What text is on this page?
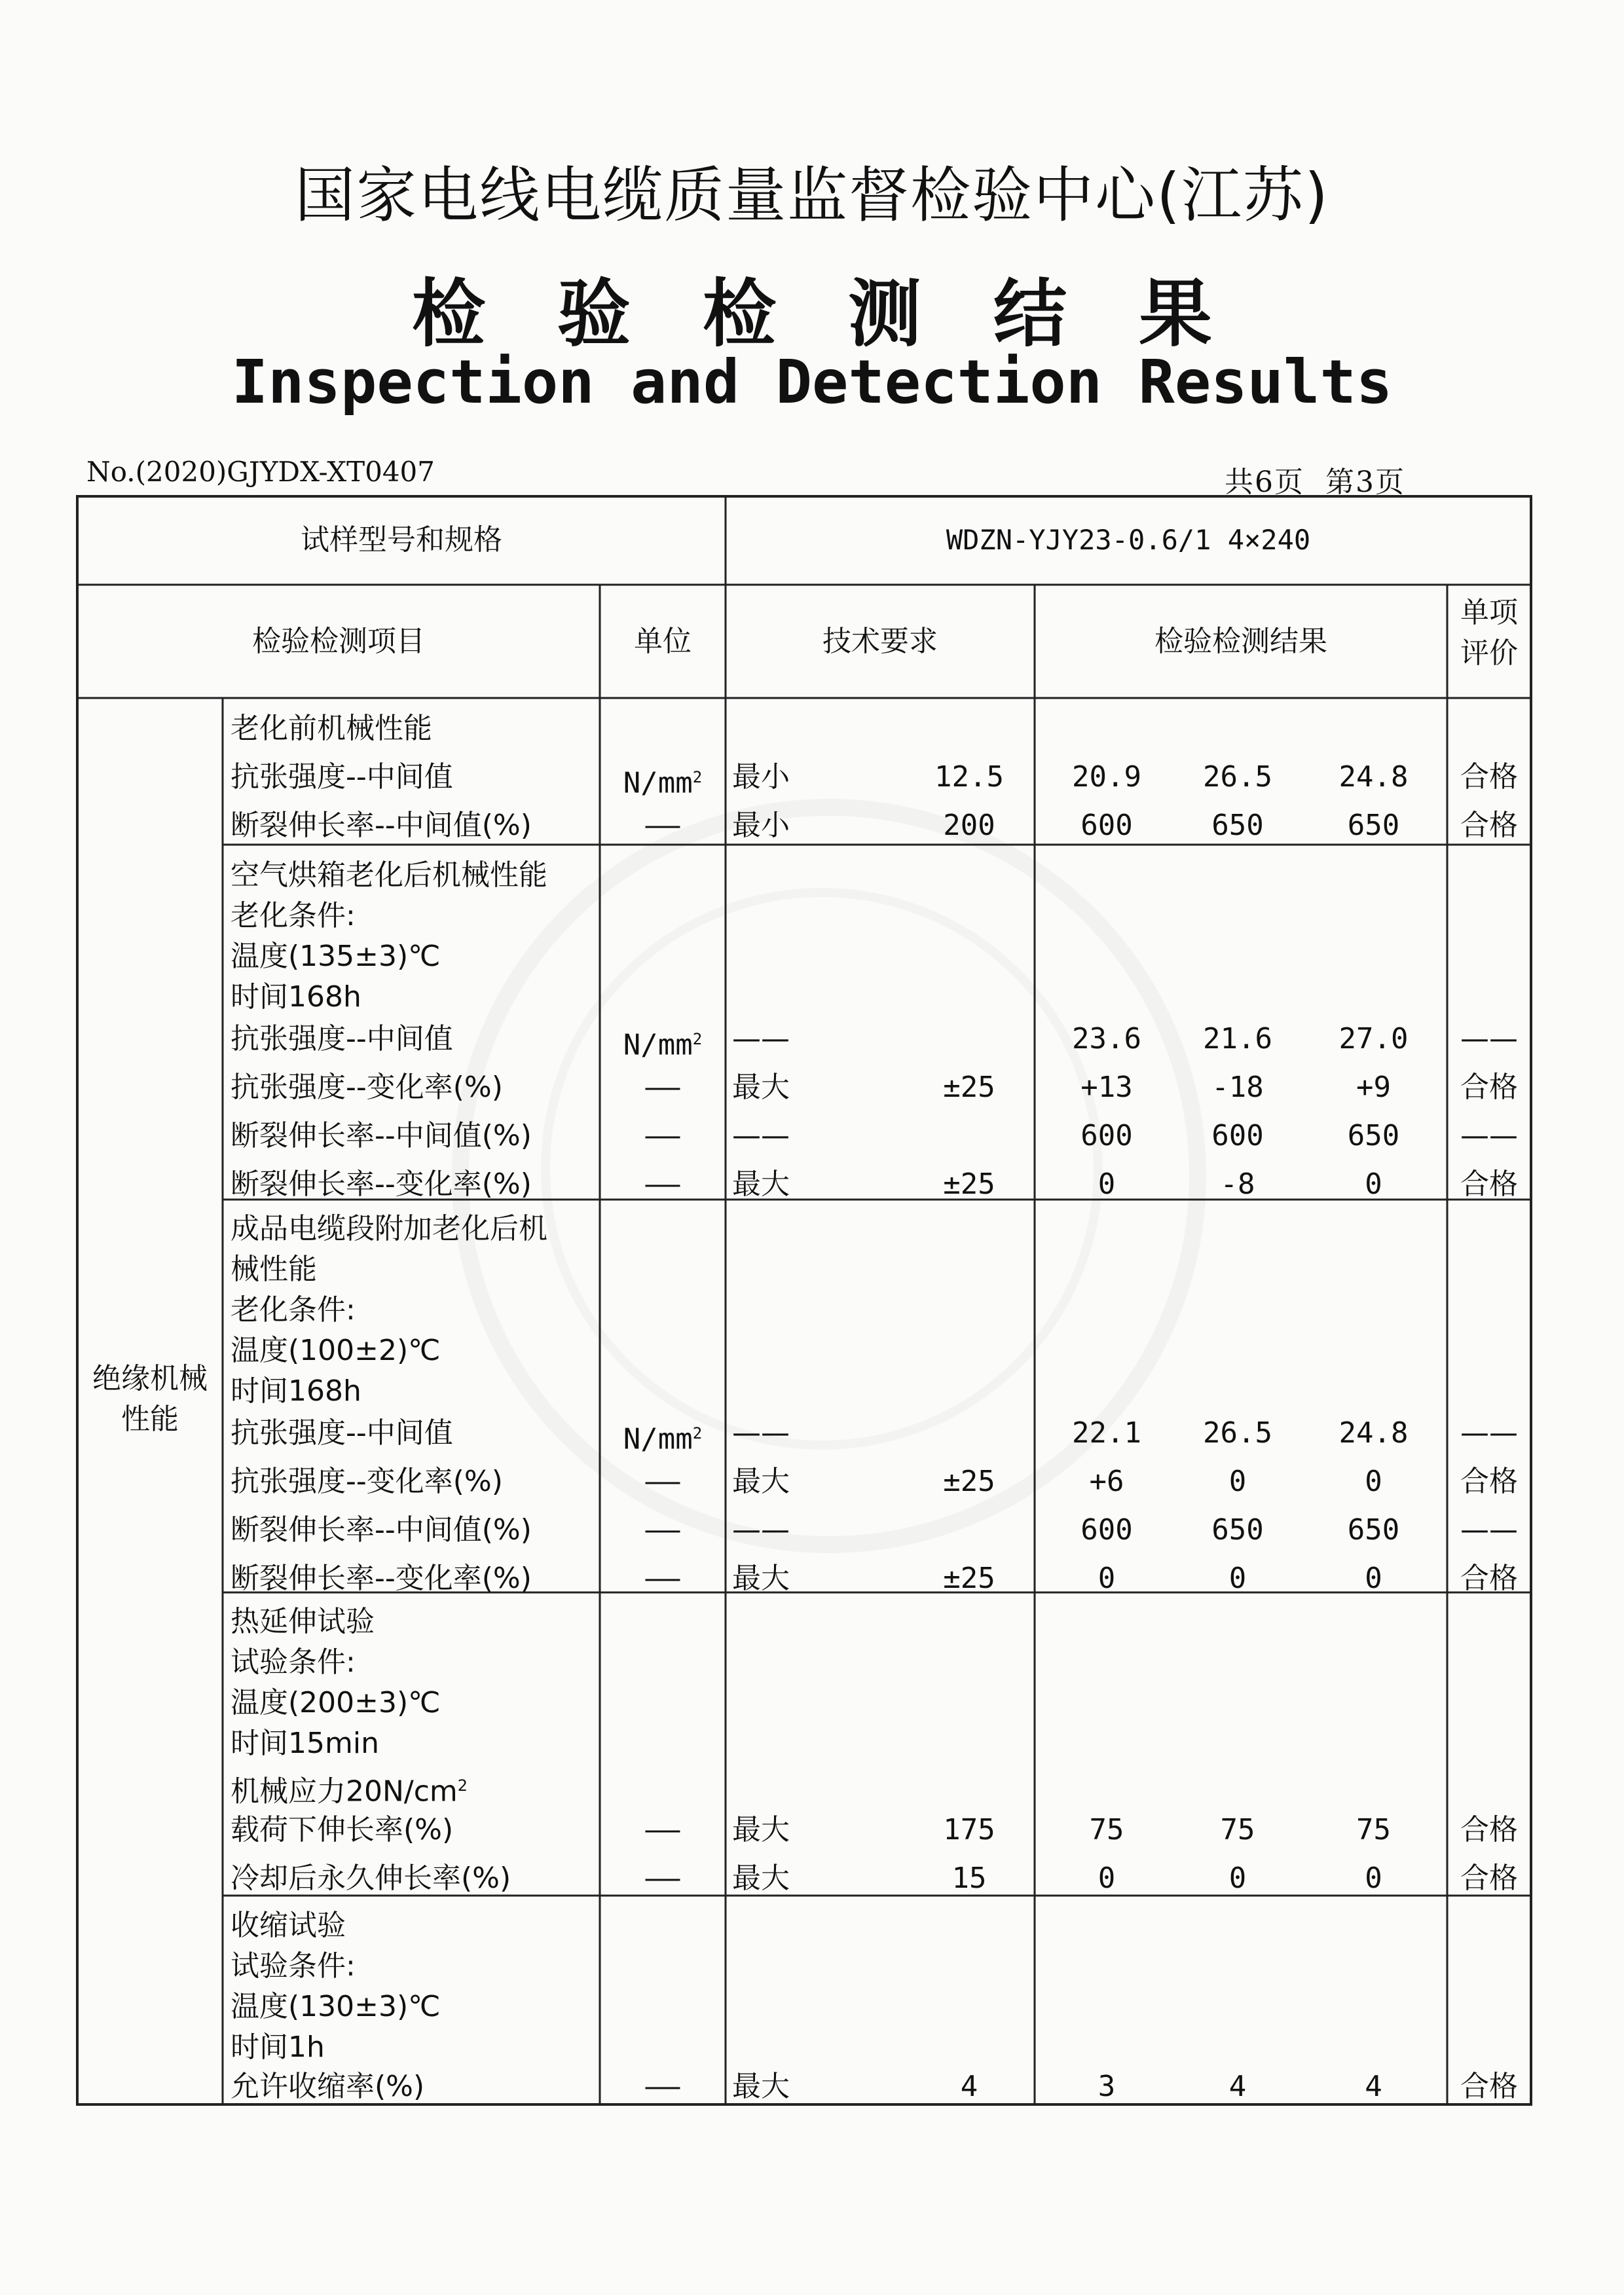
国家电线电缆质量监督检验中心(江苏)
检验检测结果
Inspection and Detection Results
No.(2020)GJYDX-XT0407	共6页 第3页
试样型号和规格	WDZN-YJY23-0.6/1 4×240
检验检测项目	单位	技术要求	检验检测结果
单项
评价
绝缘机械
性能
老化前机械性能
抗张强度--中间值	$N/mm^2$	最小	12.5	20.9	26.5	24.8	合格
断裂伸长率--中间值(%)	——	最小	200	600	650	650	合格
空气烘箱老化后机械性能
老化条件:
温度(135±3)℃
时间168h
抗张强度--中间值	$N/mm^2$	——	23.6	21.6	27.0	——
抗张强度--变化率(%)	——	最大	±25	+13	-18	+9	合格
断裂伸长率--中间值(%)	——	——	600	600	650	——
断裂伸长率--变化率(%)	——	最大	±25	0	-8	0	合格
成品电缆段附加老化后机
械性能
老化条件:
温度(100±2)℃
时间168h
抗张强度--中间值	$N/mm^2$	——	22.1	26.5	24.8	——
抗张强度--变化率(%)	——	最大	±25	+6	0	0	合格
断裂伸长率--中间值(%)	——	——	600	650	650	——
断裂伸长率--变化率(%)	——	最大	±25	0	0	0	合格
热延伸试验
试验条件:
温度(200±3)℃
时间15min
机械应力$20N/cm^2$
载荷下伸长率(%)	——	最大	175	75	75	75	合格
冷却后永久伸长率(%)	——	最大	15	0	0	0	合格
收缩试验
试验条件:
温度(130±3)℃
时间1h
允许收缩率(%)	——	最大	4	3	4	4	合格
